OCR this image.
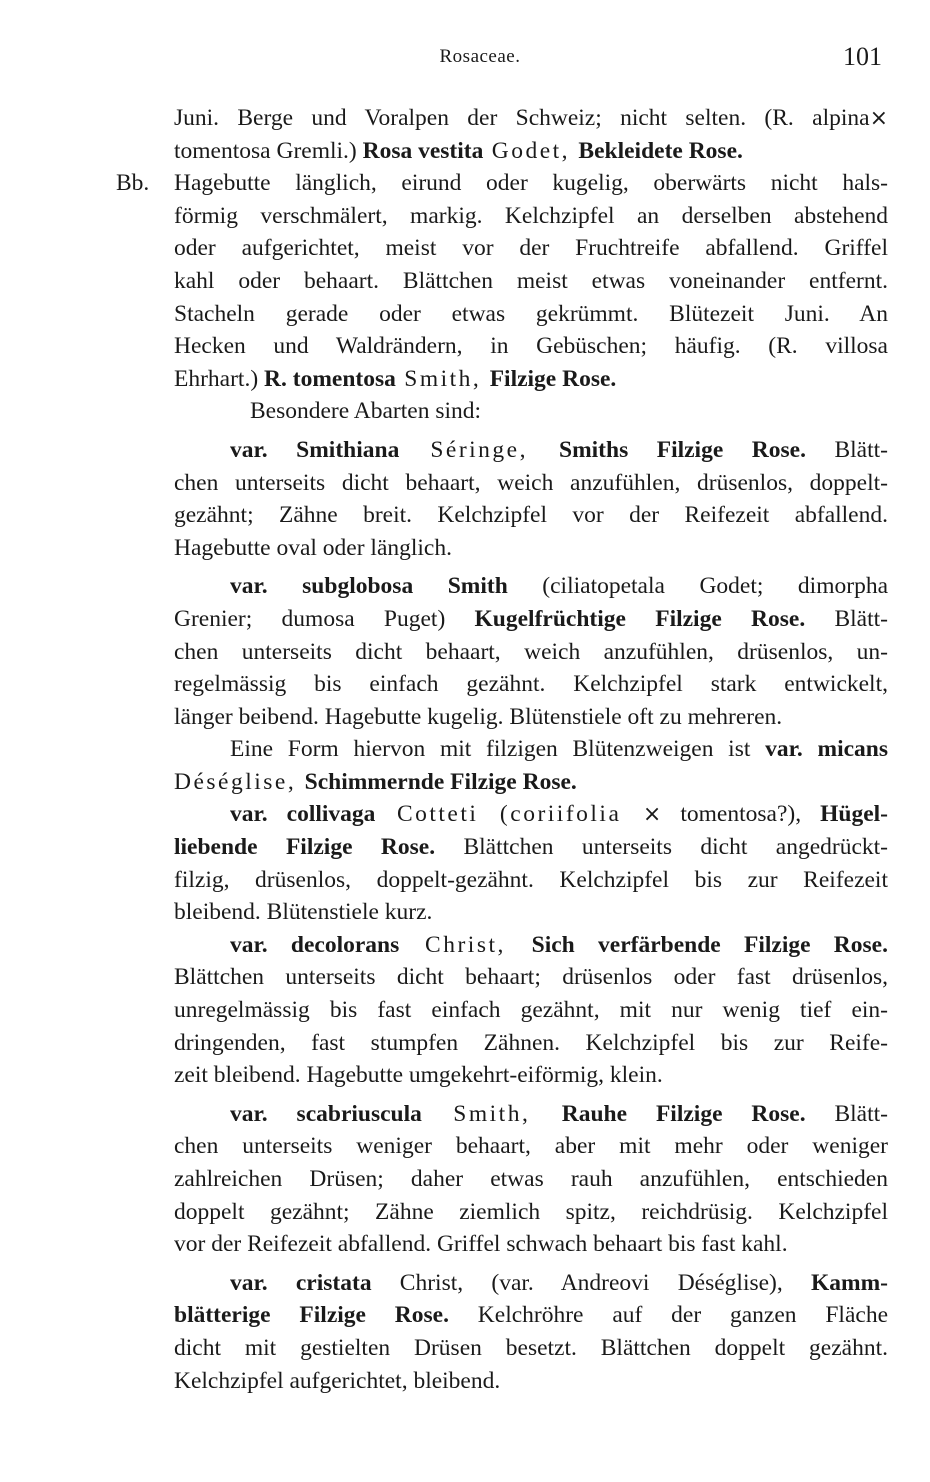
Rosaceae.	101
Juni. Berge und Voralpen der Schweiz; nicht selten. (R. alpina×
tomentosa Gremli.) Rosa vestita Godet, Bekleidete Rose.
Bb. Hagebutte länglich, eirund oder kugelig, oberwärts nicht hals-
förmig verschmälert, markig. Kelchzipfel an derselben abstehend
oder aufgerichtet, meist vor der Fruchtreife abfallend. Griffel
kahl oder behaart. Blättchen meist etwas voneinander entfernt.
Stacheln gerade oder etwas gekrümmt. Blütezeit Juni. An
Hecken und Waldrändern, in Gebüschen; häufig. (R. villosa
Ehrhart.) R. tomentosa Smith, Filzige Rose.
Besondere Abarten sind:
var. Smithiana Séringe, Smiths Filzige Rose. Blätt-
chen unterseits dicht behaart, weich anzufühlen, drüsenlos, doppelt-
gezähnt; Zähne breit. Kelchzipfel vor der Reifezeit abfallend.
Hagebutte oval oder länglich.
var. subglobosa Smith (ciliatopetala Godet; dimorpha
Grenier; dumosa Puget) Kugelfrüchtige Filzige Rose. Blätt-
chen unterseits dicht behaart, weich anzufühlen, drüsenlos, un-
regelmässig bis einfach gezähnt. Kelchzipfel stark entwickelt,
länger beibend. Hagebutte kugelig. Blütenstiele oft zu mehreren.
Eine Form hiervon mit filzigen Blütenzweigen ist var. micans
Déséglise, Schimmernde Filzige Rose.
var. collivaga Cotteti (coriifolia × tomentosa?), Hügel-
liebende Filzige Rose. Blättchen unterseits dicht angedrückt-
filzig, drüsenlos, doppelt-gezähnt. Kelchzipfel bis zur Reifezeit
bleibend. Blütenstiele kurz.
var. decolorans Christ, Sich verfärbende Filzige Rose.
Blättchen unterseits dicht behaart; drüsenlos oder fast drüsenlos,
unregelmässig bis fast einfach gezähnt, mit nur wenig tief ein-
dringenden, fast stumpfen Zähnen. Kelchzipfel bis zur Reife-
zeit bleibend. Hagebutte umgekehrt-eiförmig, klein.
var. scabriuscula Smith, Rauhe Filzige Rose. Blätt-
chen unterseits weniger behaart, aber mit mehr oder weniger
zahlreichen Drüsen; daher etwas rauh anzufühlen, entschieden
doppelt gezähnt; Zähne ziemlich spitz, reichdrüsig. Kelchzipfel
vor der Reifezeit abfallend. Griffel schwach behaart bis fast kahl.
var. cristata Christ, (var. Andreovi Déséglise), Kamm-
blätterige Filzige Rose. Kelchröhre auf der ganzen Fläche
dicht mit gestielten Drüsen besetzt. Blättchen doppelt gezähnt.
Kelchzipfel aufgerichtet, bleibend.
